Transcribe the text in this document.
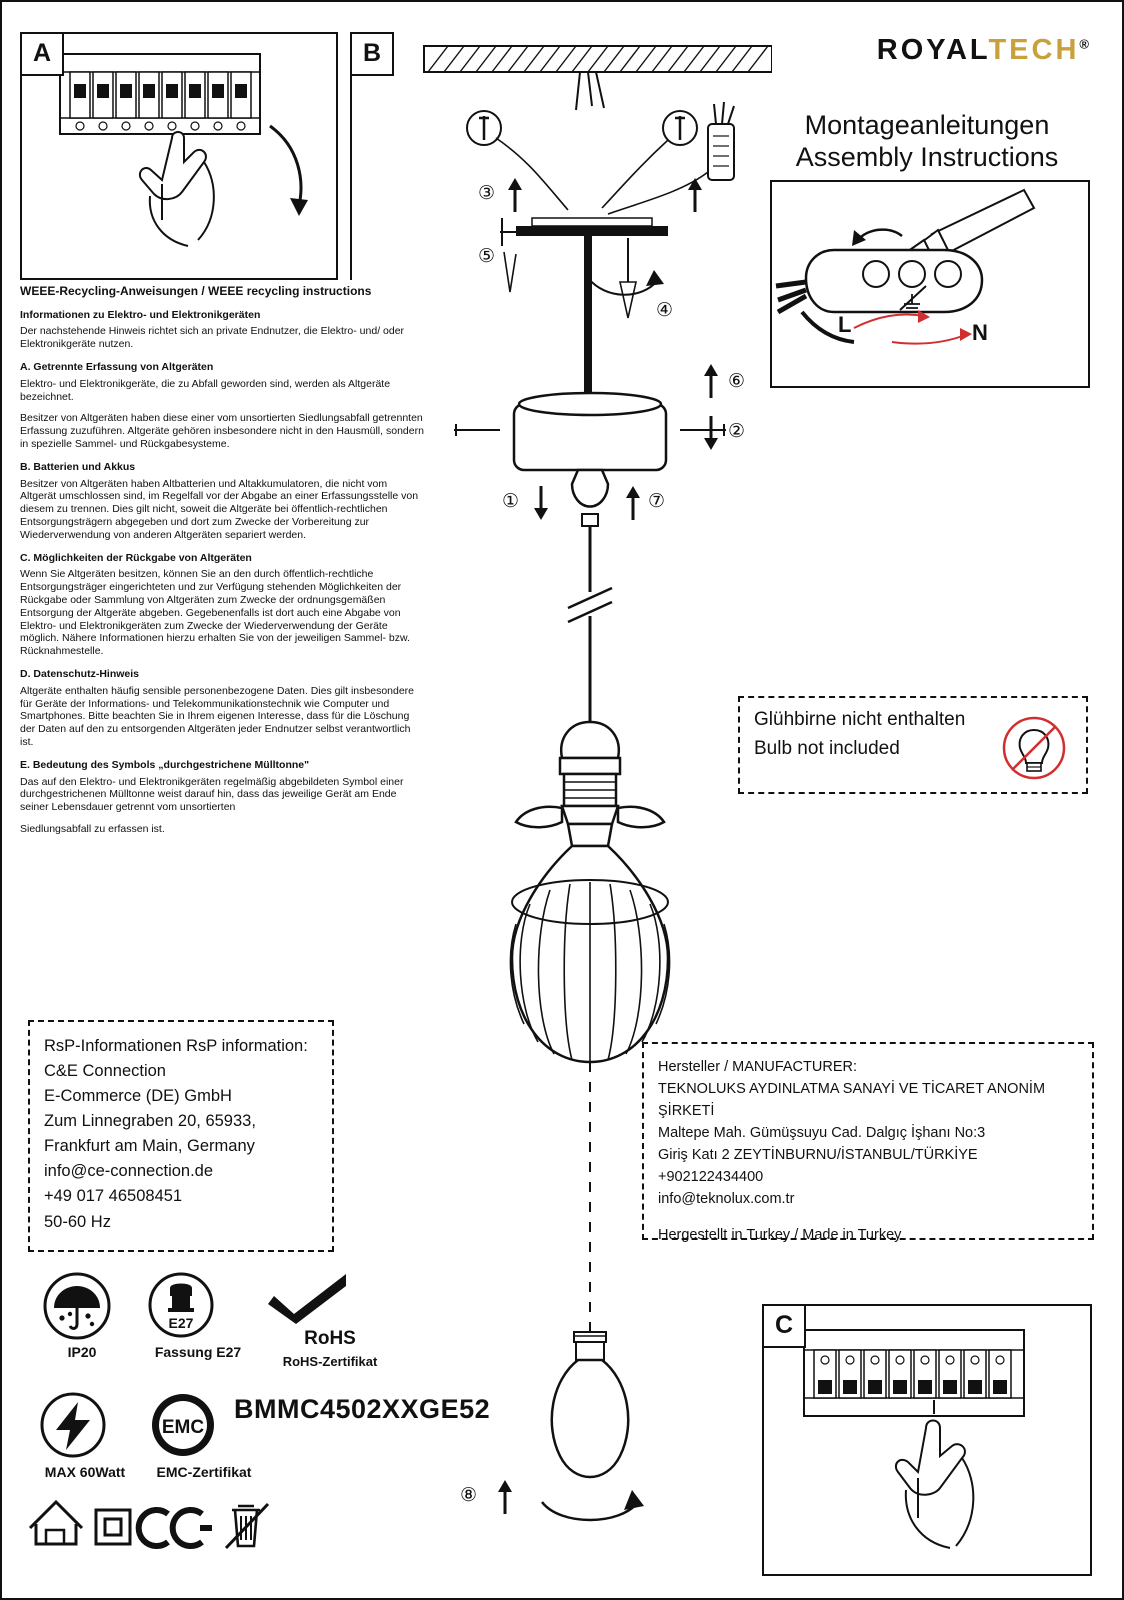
ROYALTECH®
Montageanleitungen
Assembly Instructions
A	B
③
⑤
④
⑥
②
①	⑦
⑧
L	N
WEEE-Recycling-Anweisungen / WEEE recycling instructions
Informationen zu Elektro- und Elektronikgeräten

Der nachstehende Hinweis richtet sich an private Endnutzer, die Elektro- und/ oder Elektronikgeräte nutzen.

A. Getrennte Erfassung von Altgeräten

Elektro- und Elektronikgeräte, die zu Abfall geworden sind, werden als Altgeräte bezeichnet.

Besitzer von Altgeräten haben diese einer vom unsortierten Siedlungsabfall getrennten Erfassung zuzuführen. Altgeräte gehören insbesondere nicht in den Hausmüll, sondern in spezielle Sammel- und Rückgabesysteme.

B. Batterien und Akkus

Besitzer von Altgeräten haben Altbatterien und Altakkumulatoren, die nicht vom Altgerät umschlossen sind, im Regelfall vor der Abgabe an einer Erfassungsstelle von diesem zu trennen. Dies gilt nicht, soweit die Altgeräte bei öffentlich-rechtlichen Entsorgungsträgern abgegeben und dort zum Zwecke der Vorbereitung zur Wiederverwendung von anderen Altgeräten separiert werden.

C. Möglichkeiten der Rückgabe von Altgeräten

Wenn Sie Altgeräten besitzen, können Sie an den durch öffentlich-rechtliche Entsorgungsträger eingerichteten und zur Verfügung stehenden Möglichkeiten der Rückgabe oder Sammlung von Altgeräten zum Zwecke der ordnungsgemäßen Entsorgung der Altgeräte abgeben. Gegebenenfalls ist dort auch eine Abgabe von Elektro- und Elektronikgeräten zum Zwecke der Wiederverwendung der Geräte möglich. Nähere Informationen hierzu erhalten Sie von der jeweiligen Sammel- bzw. Rücknahmestelle.

D. Datenschutz-Hinweis

Altgeräte enthalten häufig sensible personenbezogene Daten. Dies gilt insbesondere für Geräte der Informations- und Telekommunikationstechnik wie Computer und Smartphones. Bitte beachten Sie in Ihrem eigenen Interesse, dass für die Löschung der Daten auf den zu entsorgenden Altgeräten jeder Endnutzer selbst verantwortlich ist.

E. Bedeutung des Symbols „durchgestrichene Mülltonne"

Das auf den Elektro- und Elektronikgeräten regelmäßig abgebildeten Symbol einer durchgestrichenen Mülltonne weist darauf hin, dass das jeweilige Gerät am Ende seiner Lebensdauer getrennt vom unsortierten

Siedlungsabfall zu erfassen ist.

Glühbirne nicht enthalten
Bulb not included
RsP-Informationen RsP information:
C&E Connection
E-Commerce (DE) GmbH
Zum Linnegraben 20, 65933,
Frankfurt am Main, Germany
info@ce-connection.de
+49 017 46508451
50-60 Hz
Hersteller / MANUFACTURER:
TEKNOLUKS AYDINLATMA SANAYİ VE TİCARET ANONİM ŞİRKETİ
Maltepe Mah. Gümüşsuyu Cad. Dalgıç İşhanı No:3
Giriş Katı 2 ZEYTİNBURNU/İSTANBUL/TÜRKİYE
+902122434400
info@teknolux.com.tr
Hergestellt in Turkey / Made in Turkey
IP20
E27
Fassung E27
RoHS
RoHS-Zertifikat
MAX 60Watt
EMC
EMC-Zertifikat
BMMC4502XXGE52
C
